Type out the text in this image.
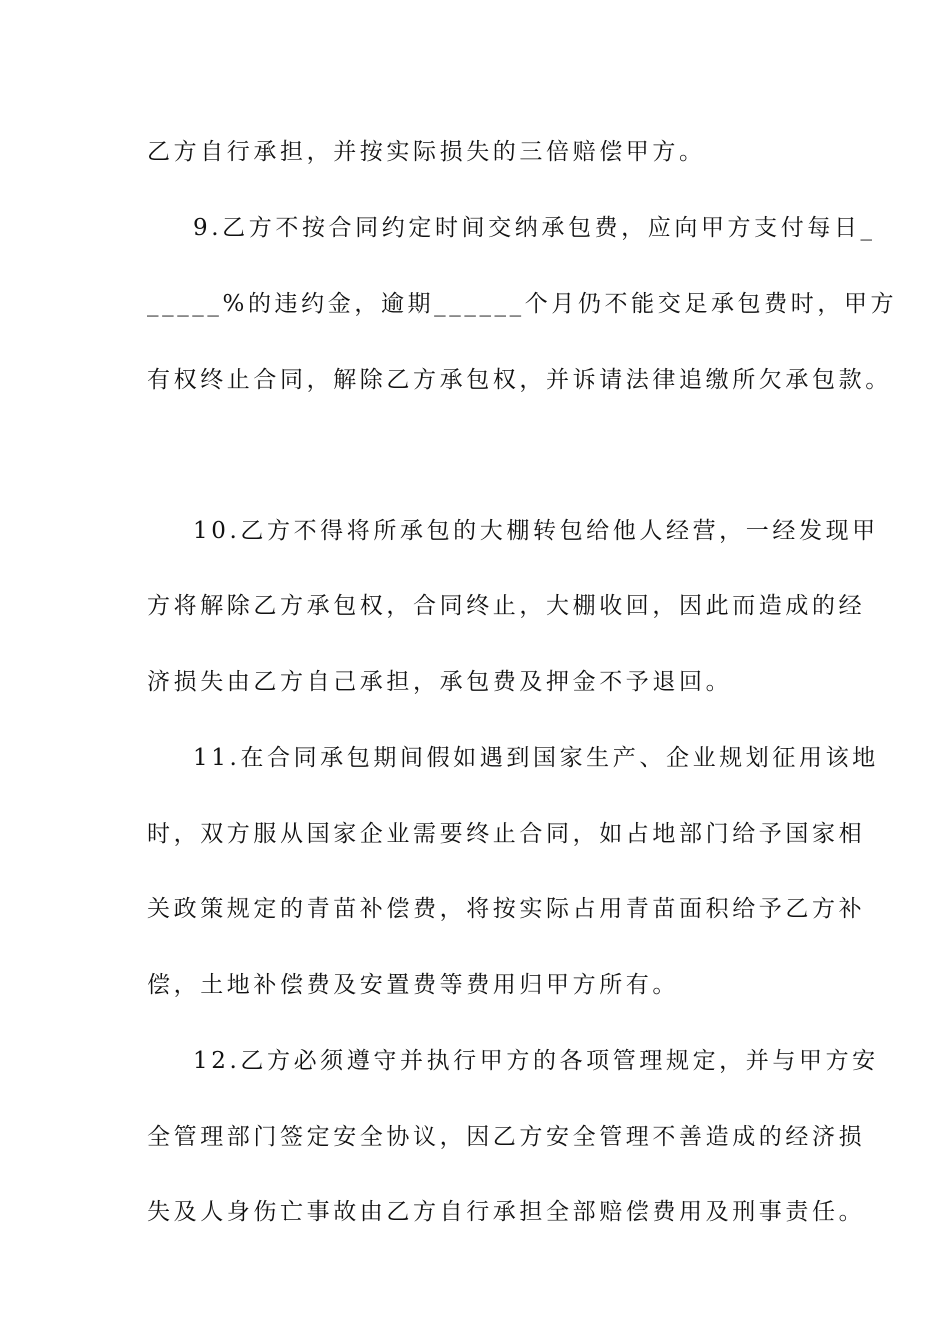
乙方自行承担，并按实际损失的三倍赔偿甲方。
9.乙方不按合同约定时间交纳承包费，应向甲方支付每日_
_____%的违约金，逾期______个月仍不能交足承包费时，甲方
有权终止合同，解除乙方承包权，并诉请法律追缴所欠承包款。
10.乙方不得将所承包的大棚转包给他人经营，一经发现甲
方将解除乙方承包权，合同终止，大棚收回，因此而造成的经
济损失由乙方自己承担，承包费及押金不予退回。
11.在合同承包期间假如遇到国家生产、企业规划征用该地
时，双方服从国家企业需要终止合同，如占地部门给予国家相
关政策规定的青苗补偿费，将按实际占用青苗面积给予乙方补
偿，土地补偿费及安置费等费用归甲方所有。
12.乙方必须遵守并执行甲方的各项管理规定，并与甲方安
全管理部门签定安全协议，因乙方安全管理不善造成的经济损
失及人身伤亡事故由乙方自行承担全部赔偿费用及刑事责任。
